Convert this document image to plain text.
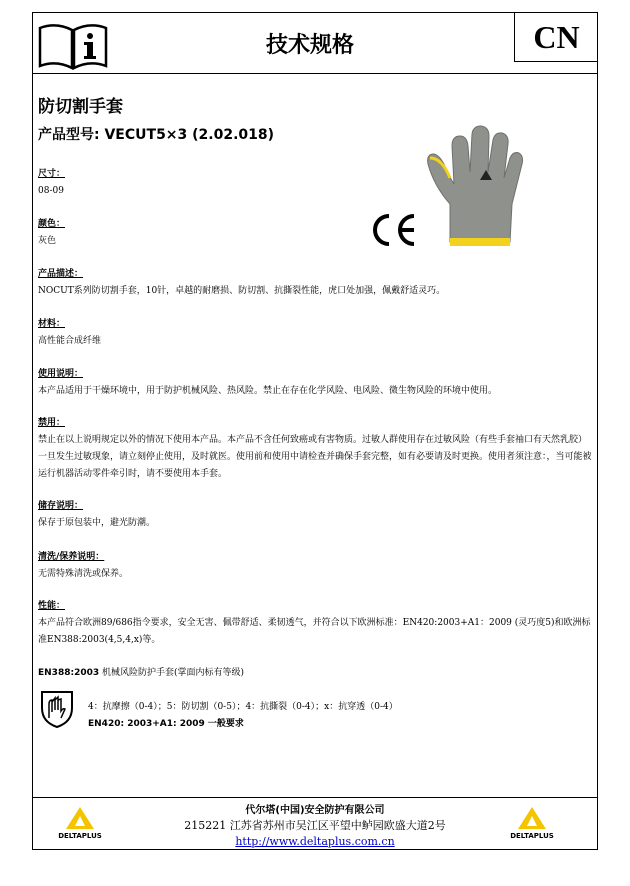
技术规格	CN
防切割手套
产品型号: VECUT5×3 (2.02.018)
尺寸：
08-09
颜色：
灰色
产品描述：
NOCUT系列防切割手套，10针，卓越的耐磨损、防切割、抗撕裂性能，虎口处加强，佩戴舒适灵巧。
材料：
高性能合成纤维
使用说明：
本产品适用于干燥环境中，用于防护机械风险、热风险。禁止在存在化学风险、电风险、微生物风险的环境中使用。
禁用：
禁止在以上说明规定以外的情况下使用本产品。本产品不含任何致癌或有害物质。过敏人群使用存在过敏风险（有些手套袖口有天然乳胶）一旦发生过敏现象，请立刻停止使用，及时就医。使用前和使用中请检查并确保手套完整，如有必要请及时更换。使用者须注意：，当可能被运行机器活动零件牵引时，请不要使用本手套。
储存说明：
保存于原包装中，避光防潮。
清洗/保养说明：
无需特殊清洗或保养。
性能：
本产品符合欧洲89/686指令要求，安全无害、佩带舒适、柔韧透气，并符合以下欧洲标准：EN420:2003+A1：2009 (灵巧度5)和欧洲标准EN388:2003(4,5,4,x)等。
EN388:2003 机械风险防护手套(掌面内标有等级)
4：抗摩擦（0-4）；5：防切割（0-5）；4：抗撕裂（0-4）；x：抗穿透（0-4）
EN420: 2003+A1: 2009 一般要求
DELTAPLUS	DELTAPLUS
代尔塔(中国)安全防护有限公司
215221 江苏省苏州市吴江区平望中鲈园欧盛大道2号
http://www.deltaplus.com.cn
